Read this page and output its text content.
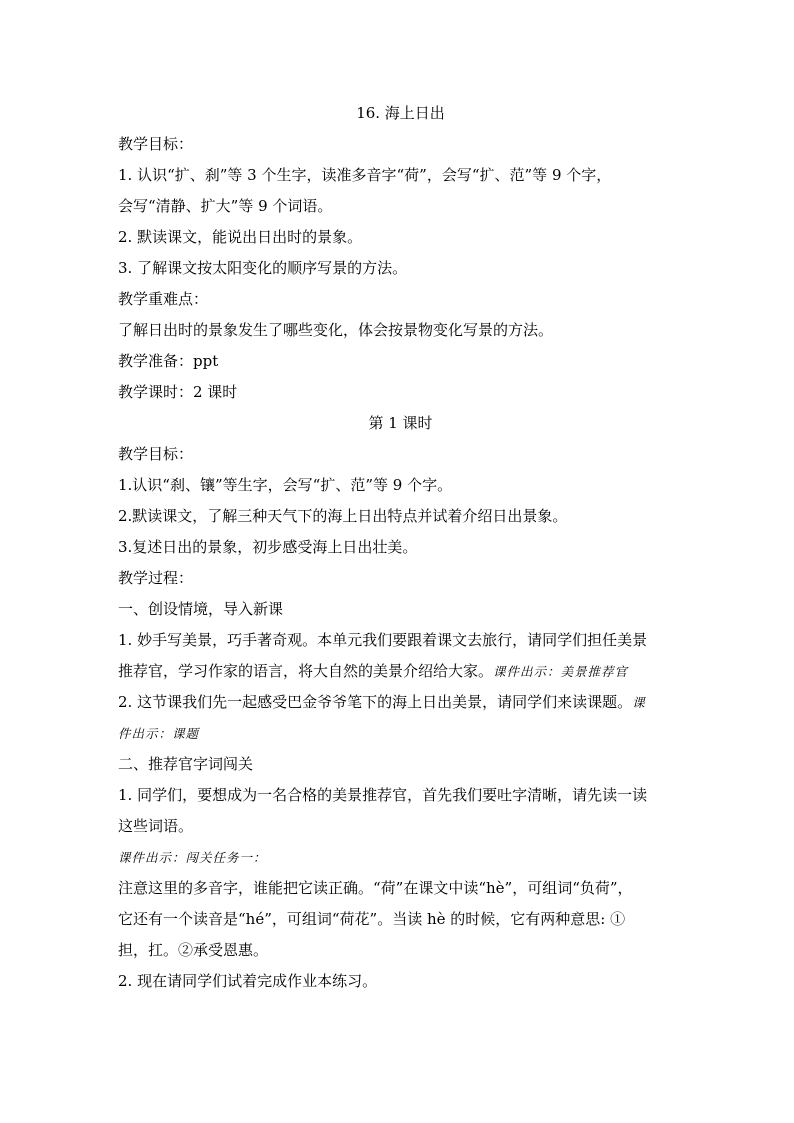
16. 海上日出
教学目标：
1. 认识“扩、刹”等 3 个生字，读准多音字“荷”，会写“扩、范”等 9 个字，
会写“清静、扩大”等 9 个词语。
2. 默读课文，能说出日出时的景象。
3. 了解课文按太阳变化的顺序写景的方法。
教学重难点：
了解日出时的景象发生了哪些变化，体会按景物变化写景的方法。
教学准备：ppt
教学课时：2 课时
第 1 课时
教学目标：
1.认识“刹、镶”等生字，会写“扩、范”等 9 个字。
2.默读课文，了解三种天气下的海上日出特点并试着介绍日出景象。
3.复述日出的景象，初步感受海上日出壮美。
教学过程：
一、创设情境，导入新课
1. 妙手写美景，巧手著奇观。本单元我们要跟着课文去旅行，请同学们担任美景
推荐官，学习作家的语言，将大自然的美景介绍给大家。课件出示：美景推荐官
2. 这节课我们先一起感受巴金爷爷笔下的海上日出美景，请同学们来读课题。课
件出示：课题
二、推荐官字词闯关
1. 同学们，要想成为一名合格的美景推荐官，首先我们要吐字清晰，请先读一读
这些词语。
课件出示：闯关任务一：
注意这里的多音字，谁能把它读正确。“荷”在课文中读“hè”，可组词“负荷”，
它还有一个读音是“hé”，可组词“荷花”。当读 hè 的时候，它有两种意思: ①
担，扛。②承受恩惠。
2. 现在请同学们试着完成作业本练习。
